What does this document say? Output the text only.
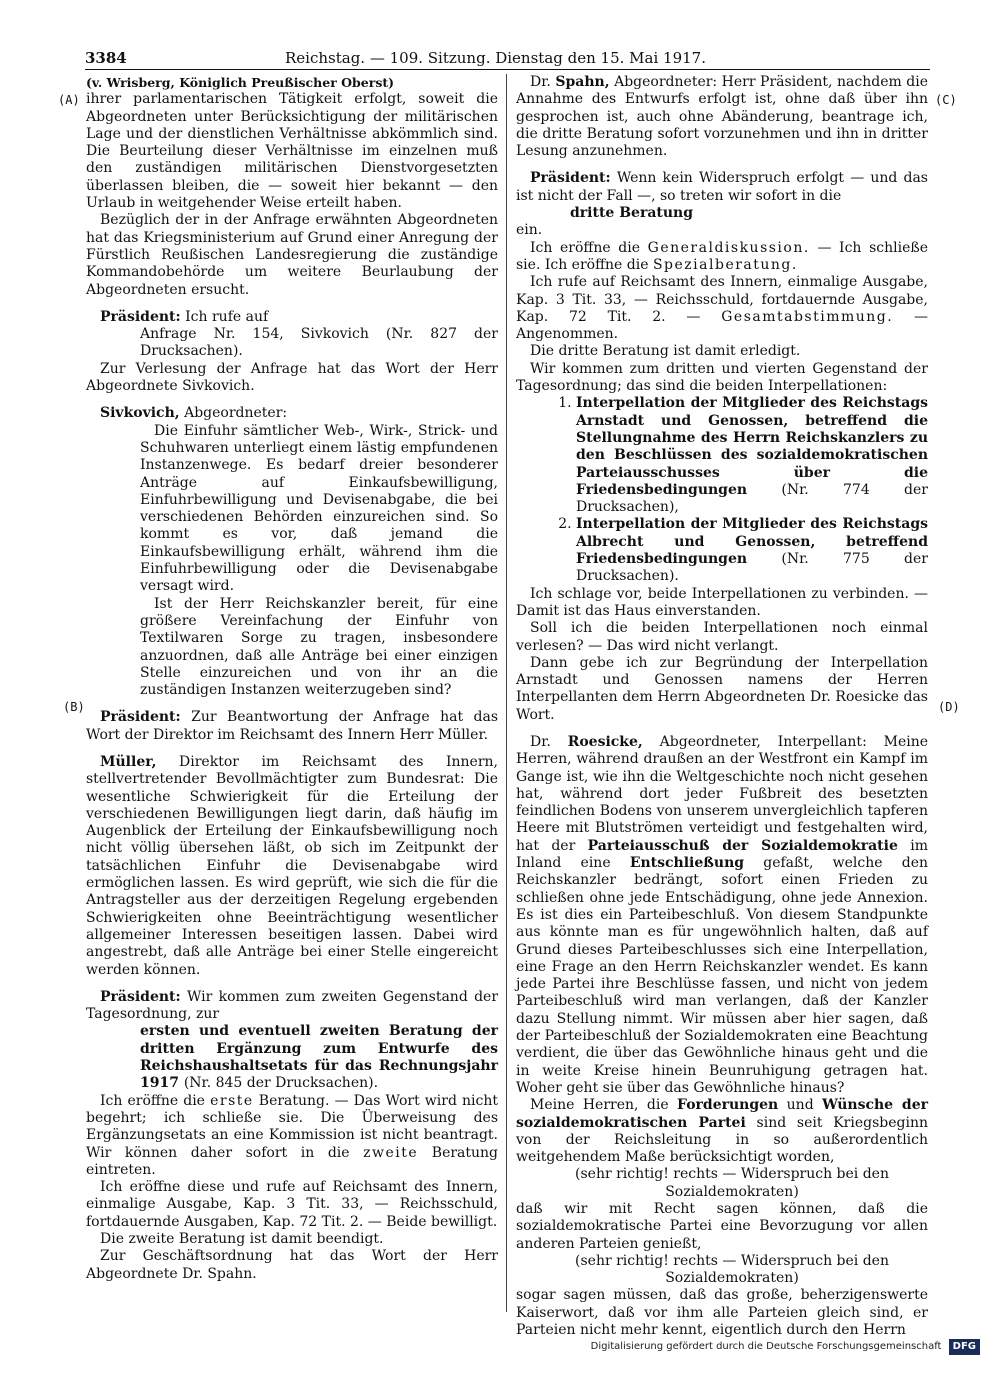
3384	Reichstag. — 109. Sitzung. Dienstag den 15. Mai 1917.
(A)
(B)
(C)
(D)

(v. Wrisberg, Königlich Preußischer Oberst)

ihrer parlamentarischen Tätigkeit erfolgt, soweit die Abgeordneten unter Berücksichtigung der militärischen Lage und der dienstlichen Verhältnisse abkömmlich sind. Die Beurteilung dieser Verhältnisse im einzelnen muß den zuständigen militärischen Dienstvorgesetzten überlassen bleiben, die — soweit hier bekannt — den Urlaub in weitgehender Weise erteilt haben.

Bezüglich der in der Anfrage erwähnten Abgeordneten hat das Kriegsministerium auf Grund einer Anregung der Fürstlich Reußischen Landesregierung die zuständige Kommandobehörde um weitere Beurlaubung der Abgeordneten ersucht.

Präsident: Ich rufe auf

Anfrage Nr. 154, Sivkovich (Nr. 827 der Drucksachen).

Zur Verlesung der Anfrage hat das Wort der Herr Abgeordnete Sivkovich.

Sivkovich, Abgeordneter:

Die Einfuhr sämtlicher Web-, Wirk-, Strick- und Schuhwaren unterliegt einem lästig empfundenen Instanzenwege. Es bedarf dreier besonderer Anträge auf Einkaufsbewilligung, Einfuhrbewilligung und Devisenabgabe, die bei verschiedenen Behörden einzureichen sind. So kommt es vor, daß jemand die Einkaufsbewilligung erhält, während ihm die Einfuhrbewilligung oder die Devisenabgabe versagt wird.

Ist der Herr Reichskanzler bereit, für eine größere Vereinfachung der Einfuhr von Textilwaren Sorge zu tragen, insbesondere anzuordnen, daß alle Anträge bei einer einzigen Stelle einzureichen und von ihr an die zuständigen Instanzen weiterzugeben sind?

Präsident: Zur Beantwortung der Anfrage hat das Wort der Direktor im Reichsamt des Innern Herr Müller.

Müller, Direktor im Reichsamt des Innern, stellvertretender Bevollmächtigter zum Bundesrat: Die wesentliche Schwierigkeit für die Erteilung der verschiedenen Bewilligungen liegt darin, daß häufig im Augenblick der Erteilung der Einkaufsbewilligung noch nicht völlig übersehen läßt, ob sich im Zeitpunkt der tatsächlichen Einfuhr die Devisenabgabe wird ermöglichen lassen. Es wird geprüft, wie sich die für die Antragsteller aus der derzeitigen Regelung ergebenden Schwierigkeiten ohne Beeinträchtigung wesentlicher allgemeiner Interessen beseitigen lassen. Dabei wird angestrebt, daß alle Anträge bei einer Stelle eingereicht werden können.

Präsident: Wir kommen zum zweiten Gegenstand der Tagesordnung, zur

ersten und eventuell zweiten Beratung der dritten Ergänzung zum Entwurfe des Reichshaushaltsetats für das Rechnungsjahr 1917 (Nr. 845 der Drucksachen).

Ich eröffne die erste Beratung. — Das Wort wird nicht begehrt; ich schließe sie. Die Überweisung des Ergänzungsetats an eine Kommission ist nicht beantragt. Wir können daher sofort in die zweite Beratung eintreten.

Ich eröffne diese und rufe auf Reichsamt des Innern, einmalige Ausgabe, Kap. 3 Tit. 33, — Reichsschuld, fortdauernde Ausgaben, Kap. 72 Tit. 2. — Beide bewilligt.

Die zweite Beratung ist damit beendigt.

Zur Geschäftsordnung hat das Wort der Herr Abgeordnete Dr. Spahn.

Dr. Spahn, Abgeordneter: Herr Präsident, nachdem die Annahme des Entwurfs erfolgt ist, ohne daß über ihn gesprochen ist, auch ohne Abänderung, beantrage ich, die dritte Beratung sofort vorzunehmen und ihn in dritter Lesung anzunehmen.

Präsident: Wenn kein Widerspruch erfolgt — und das ist nicht der Fall —, so treten wir sofort in die

dritte Beratung

ein.

Ich eröffne die Generaldiskussion. — Ich schließe sie. Ich eröffne die Spezialberatung.

Ich rufe auf Reichsamt des Innern, einmalige Ausgabe, Kap. 3 Tit. 33, — Reichsschuld, fortdauernde Ausgabe, Kap. 72 Tit. 2. — Gesamtabstimmung. — Angenommen.

Die dritte Beratung ist damit erledigt.

Wir kommen zum dritten und vierten Gegenstand der Tagesordnung; das sind die beiden Interpellationen:

1. Interpellation der Mitglieder des Reichstags Arnstadt und Genossen, betreffend die Stellungnahme des Herrn Reichskanzlers zu den Beschlüssen des sozialdemokratischen Parteiausschusses über die Friedensbedingungen (Nr. 774 der Drucksachen),
2. Interpellation der Mitglieder des Reichstags Albrecht und Genossen, betreffend Friedensbedingungen (Nr. 775 der Drucksachen).

Ich schlage vor, beide Interpellationen zu verbinden. — Damit ist das Haus einverstanden.

Soll ich die beiden Interpellationen noch einmal verlesen? — Das wird nicht verlangt.

Dann gebe ich zur Begründung der Interpellation Arnstadt und Genossen namens der Herren Interpellanten dem Herrn Abgeordneten Dr. Roesicke das Wort.

Dr. Roesicke, Abgeordneter, Interpellant: Meine Herren, während draußen an der Westfront ein Kampf im Gange ist, wie ihn die Weltgeschichte noch nicht gesehen hat, während dort jeder Fußbreit des besetzten feindlichen Bodens von unserem unvergleichlich tapferen Heere mit Blutströmen verteidigt und festgehalten wird, hat der Parteiausschuß der Sozialdemokratie im Inland eine Entschließung gefaßt, welche den Reichskanzler bedrängt, sofort einen Frieden zu schließen ohne jede Entschädigung, ohne jede Annexion. Es ist dies ein Parteibeschluß. Von diesem Standpunkte aus könnte man es für ungewöhnlich halten, daß auf Grund dieses Parteibeschlusses sich eine Interpellation, eine Frage an den Herrn Reichskanzler wendet. Es kann jede Partei ihre Beschlüsse fassen, und nicht von jedem Parteibeschluß wird man verlangen, daß der Kanzler dazu Stellung nimmt. Wir müssen aber hier sagen, daß der Parteibeschluß der Sozialdemokraten eine Beachtung verdient, die über das Gewöhnliche hinaus geht und die in weite Kreise hinein Beunruhigung getragen hat. Woher geht sie über das Gewöhnliche hinaus?

Meine Herren, die Forderungen und Wünsche der sozialdemokratischen Partei sind seit Kriegsbeginn von der Reichsleitung in so außerordentlich weitgehendem Maße berücksichtigt worden,

(sehr richtig! rechts — Widerspruch bei den Sozialdemokraten)

daß wir mit Recht sagen können, daß die sozialdemokratische Partei eine Bevorzugung vor allen anderen Parteien genießt,

(sehr richtig! rechts — Widerspruch bei den Sozialdemokraten)

sogar sagen müssen, daß das große, beherzigenswerte Kaiserwort, daß vor ihm alle Parteien gleich sind, er Parteien nicht mehr kennt, eigentlich durch den Herrn

Digitalisierung gefördert durch die Deutsche Forschungsgemeinschaft DFG
